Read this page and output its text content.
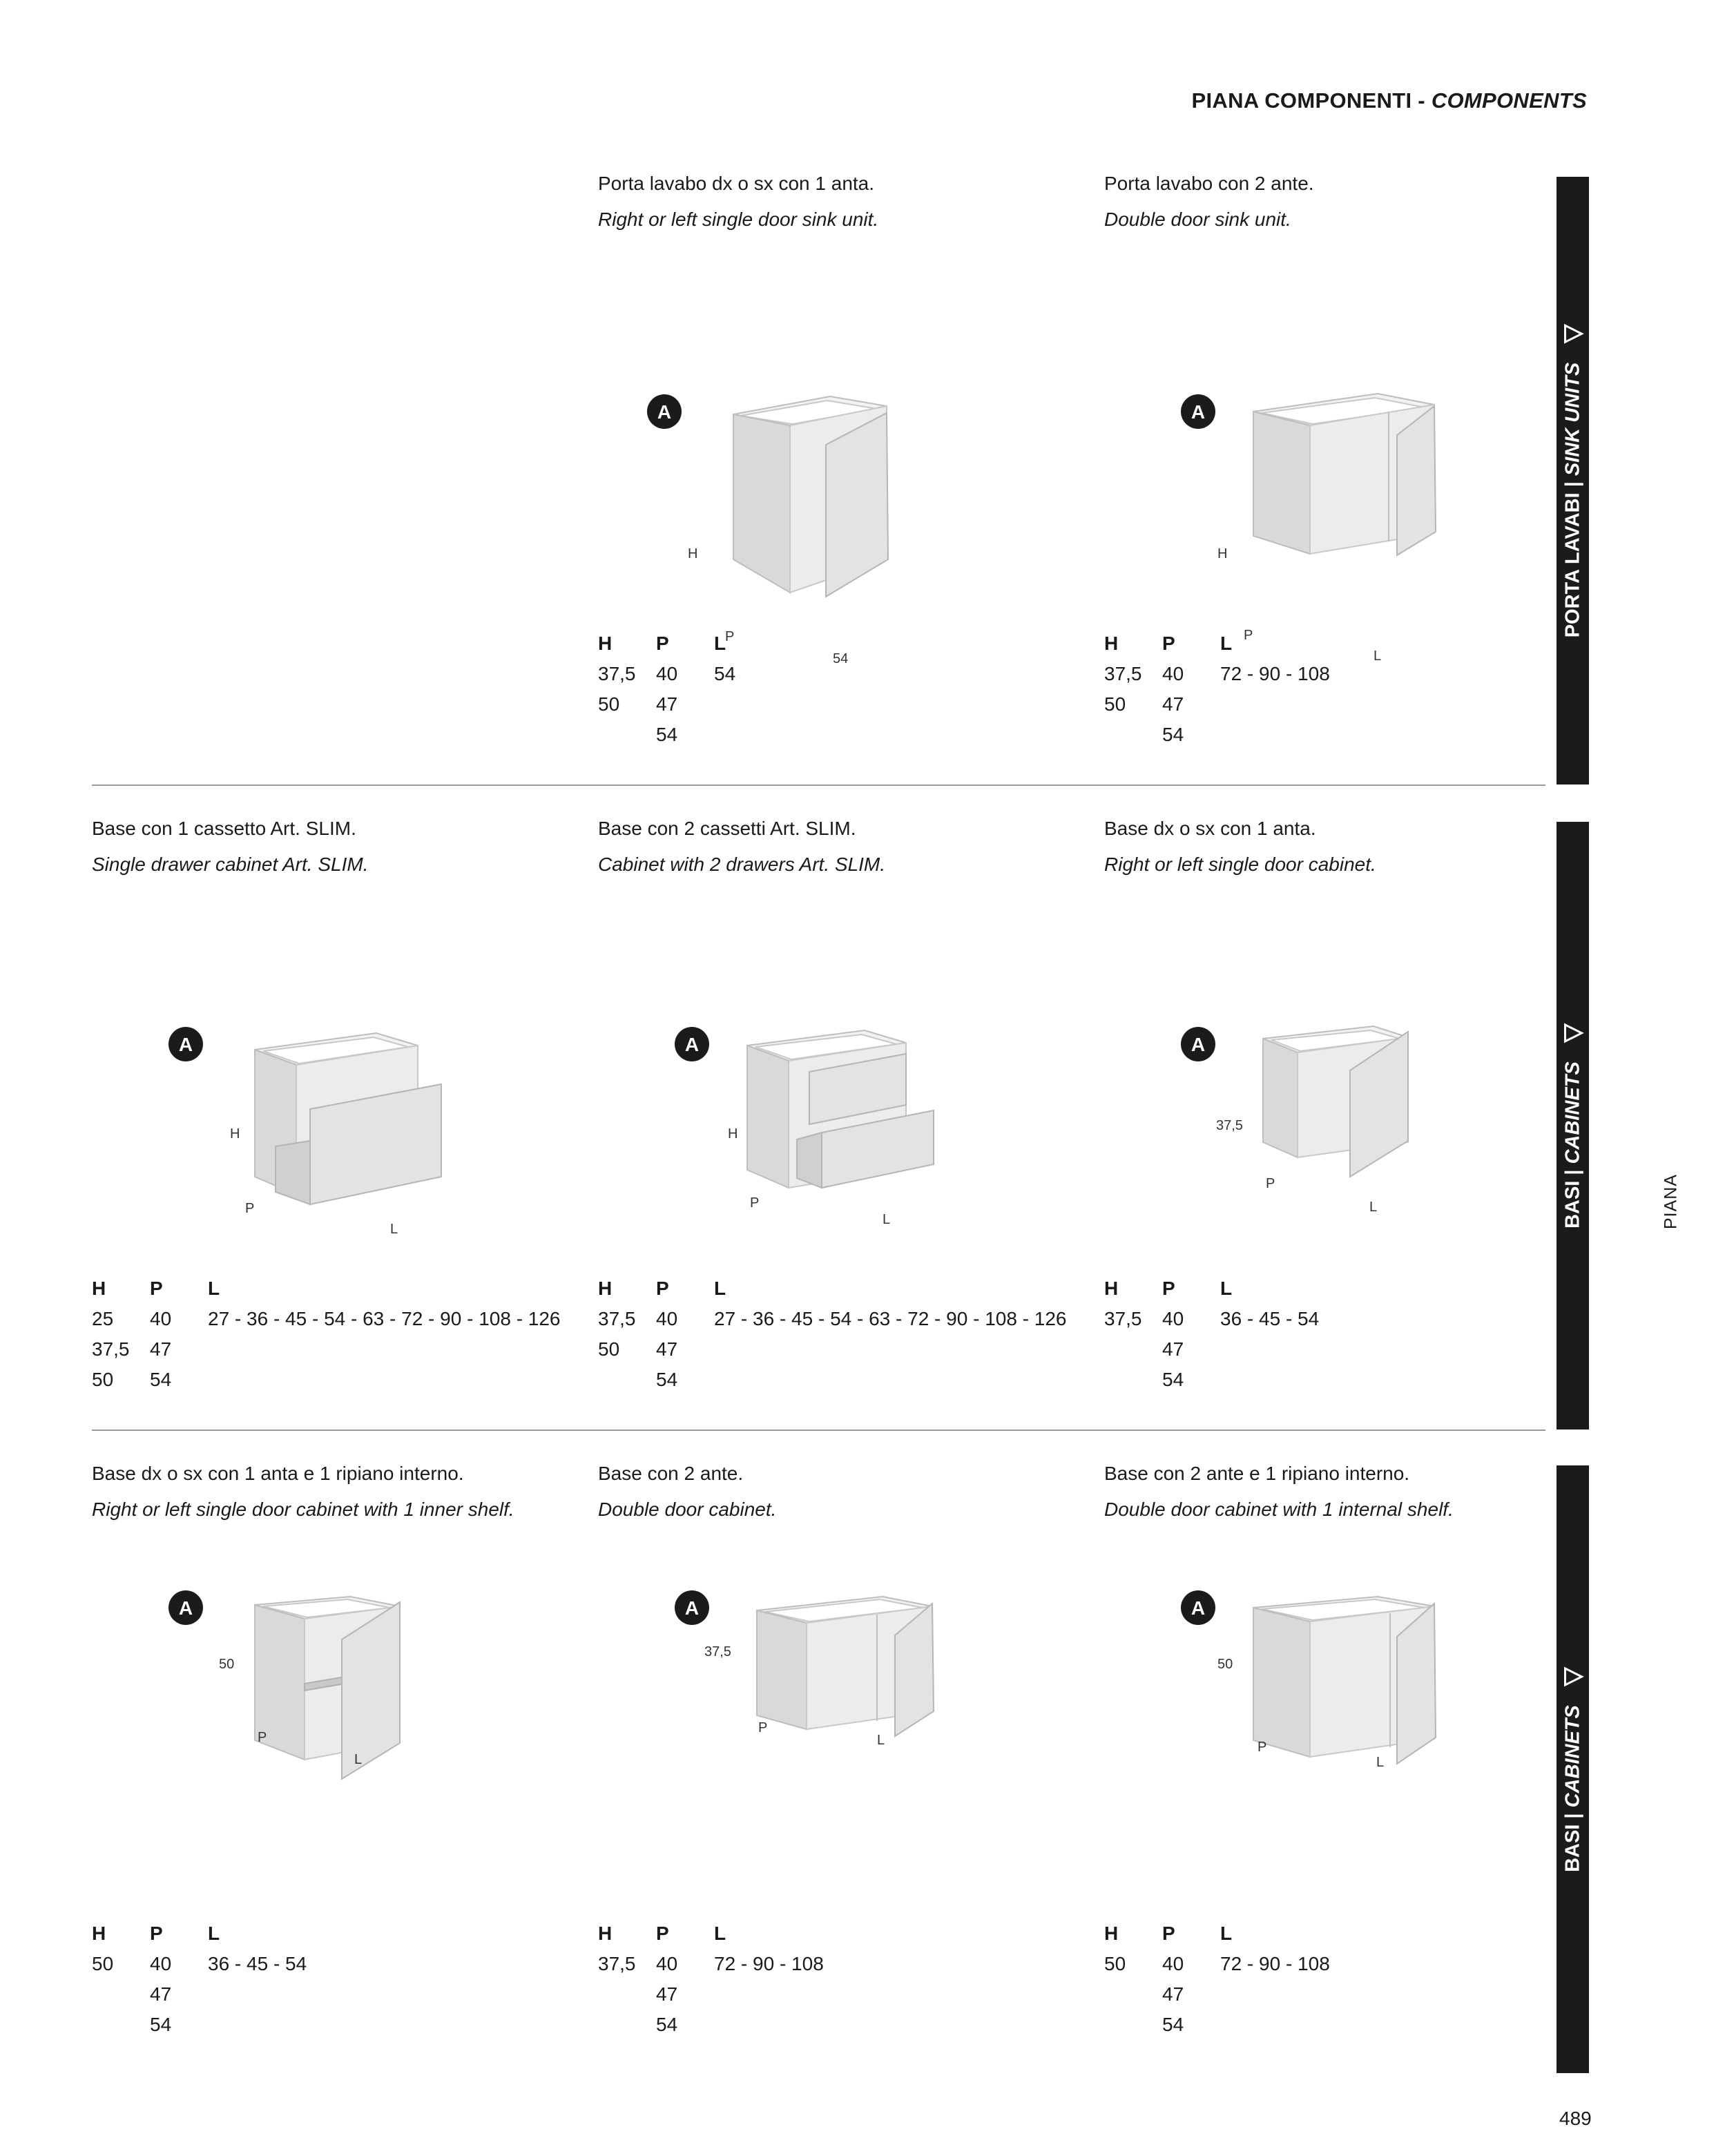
PIANA COMPONENTI - COMPONENTS
Porta lavabo dx o sx con 1 anta.
Right or left single door sink unit.
A
H
P
54
H	P	L
37,5	40	54
50	47	
	54	
Porta lavabo con 2 ante.
Double door sink unit.
A
H
P
L
H	P	L
37,5	40	72 - 90 - 108
50	47	
	54	
Base con 1 cassetto Art. SLIM.
Single drawer cabinet Art. SLIM.
A
H
P
L
H	P	L
25	40	27 - 36 - 45 - 54 - 63 - 72 - 90 - 108 - 126
37,5	47	
50	54	
Base con 2 cassetti Art. SLIM.
Cabinet with 2 drawers Art. SLIM.
A
H
P
L
H	P	L
37,5	40	27 - 36 - 45 - 54 - 63 - 72 - 90 - 108 - 126
50	47	
	54	
Base dx o sx con 1 anta.
Right or left single door cabinet.
A
37,5
P
L
H	P	L
37,5	40	36 - 45 - 54
	47	
	54	
Base dx o sx con 1 anta e 1 ripiano interno.
Right or left single door cabinet with 1 inner shelf.
A
50
P
L
H	P	L
50	40	36 - 45 - 54
	47	
	54	
Base con 2 ante.
Double door cabinet.
A
37,5
P
L
H	P	L
37,5	40	72 - 90 - 108
	47	
	54	
Base con 2 ante e 1 ripiano interno.
Double door cabinet with 1 internal shelf.
A
50
P
L
H	P	L
50	40	72 - 90 - 108
	47	
	54	
PORTA LAVABI | SINK UNITS
BASI | CABINETS
BASI | CABINETS
PIANA
489
